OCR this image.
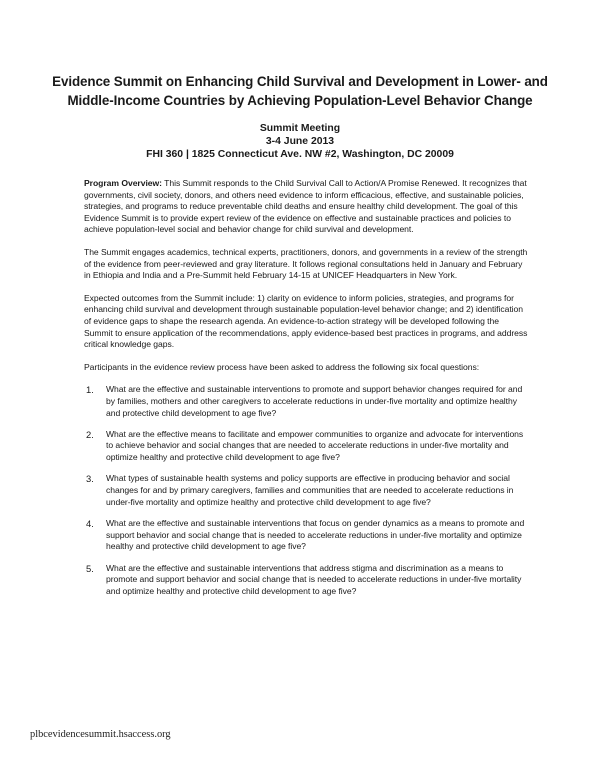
Evidence Summit on Enhancing Child Survival and Development in Lower- and
Middle-Income Countries by Achieving Population-Level Behavior Change
Summit Meeting
3-4 June 2013
FHI 360 | 1825 Connecticut Ave. NW #2, Washington, DC 20009

Program Overview: This Summit responds to the Child Survival Call to Action/A Promise Renewed. It recognizes that governments, civil society, donors, and others need evidence to inform efficacious, effective, and sustainable policies, strategies, and programs to reduce preventable child deaths and ensure healthy child development. The goal of this Evidence Summit is to provide expert review of the evidence on effective and sustainable practices and policies to achieve population-level social and behavior change for child survival and development.

The Summit engages academics, technical experts, practitioners, donors, and governments in a review of the strength of the evidence from peer-reviewed and gray literature. It follows regional consultations held in January and February in Ethiopia and India and a Pre-Summit held February 14-15 at UNICEF Headquarters in New York.

Expected outcomes from the Summit include: 1) clarity on evidence to inform policies, strategies, and programs for enhancing child survival and development through sustainable population-level behavior change; and 2) identification of evidence gaps to shape the research agenda. An evidence-to-action strategy will be developed following the Summit to ensure application of the recommendations, apply evidence-based best practices in programs, and address critical knowledge gaps.

Participants in the evidence review process have been asked to address the following six focal questions:

1. What are the effective and sustainable interventions to promote and support behavior changes required for and by families, mothers and other caregivers to accelerate reductions in under-five mortality and optimize healthy and protective child development to age five?
2. What are the effective means to facilitate and empower communities to organize and advocate for interventions to achieve behavior and social changes that are needed to accelerate reductions in under-five mortality and optimize healthy and protective child development to age five?
3. What types of sustainable health systems and policy supports are effective in producing behavior and social changes for and by primary caregivers, families and communities that are needed to accelerate reductions in under-five mortality and optimize healthy and protective child development to age five?
4. What are the effective and sustainable interventions that focus on gender dynamics as a means to promote and support behavior and social change that is needed to accelerate reductions in under-five mortality and optimize healthy and protective child development to age five?
5. What are the effective and sustainable interventions that address stigma and discrimination as a means to promote and support behavior and social change that is needed to accelerate reductions in under-five mortality and optimize healthy and protective child development to age five?
plbcevidencesummit.hsaccess.org
